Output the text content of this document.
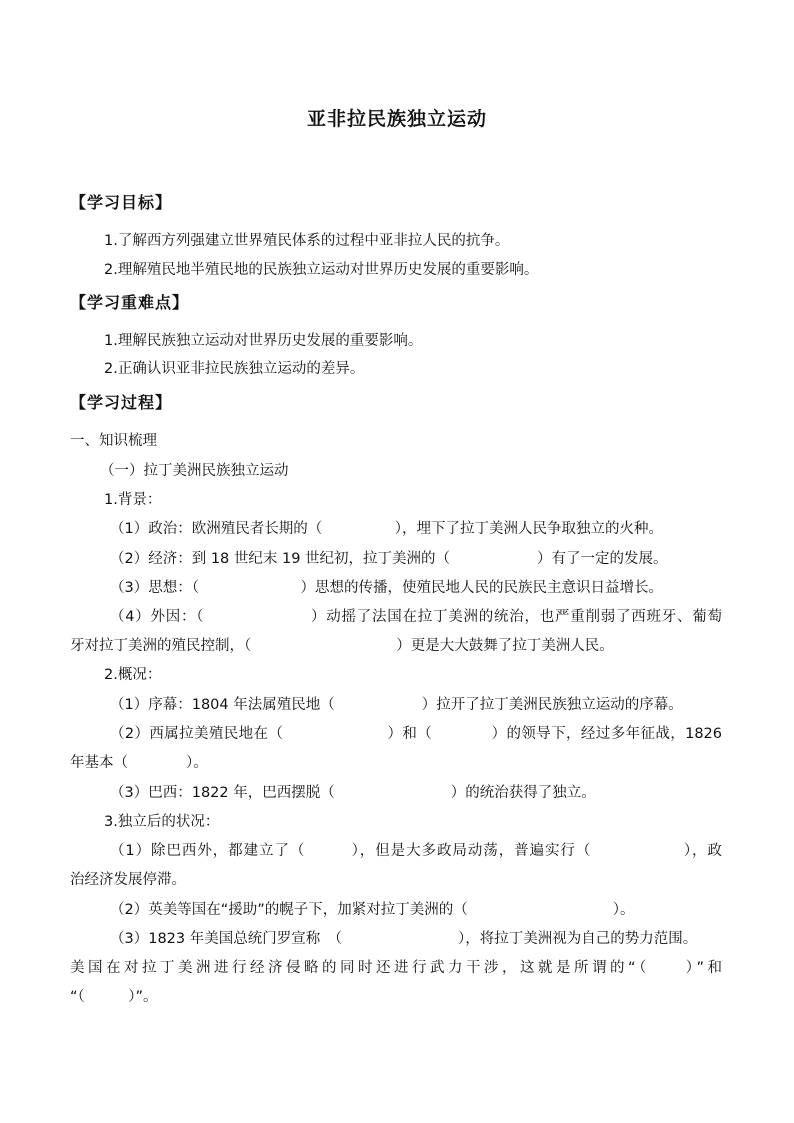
亚非拉民族独立运动
【学习目标】
1.了解西方列强建立世界殖民体系的过程中亚非拉人民的抗争。
2.理解殖民地半殖民地的民族独立运动对世界历史发展的重要影响。
【学习重难点】
1.理解民族独立运动对世界历史发展的重要影响。
2.正确认识亚非拉民族独立运动的差异。
【学习过程】
一、知识梳理
（一）拉丁美洲民族独立运动
1.背景：
（1）政治：欧洲殖民者长期的（　　　　　），埋下了拉丁美洲人民争取独立的火种。
（2）经济：到 18 世纪末 19 世纪初，拉丁美洲的（　　　　　　）有了一定的发展。
（3）思想：（　　　　　　　）思想的传播，使殖民地人民的民族民主意识日益增长。
（4）外因：（　　　　　　　）动摇了法国在拉丁美洲的统治，也严重削弱了西班牙、葡萄
牙对拉丁美洲的殖民控制，（　　　　　　　　　　）更是大大鼓舞了拉丁美洲人民。
2.概况：
（1）序幕：1804 年法属殖民地（　　　　　　）拉开了拉丁美洲民族独立运动的序幕。
（2）西属拉美殖民地在（　　　　　　　）和（　　　　）的领导下，经过多年征战，1826
年基本（　　　　）。
（3）巴西：1822 年，巴西摆脱（　　　　　　　　）的统治获得了独立。
3.独立后的状况：
（1）除巴西外，都建立了（　　　），但是大多政局动荡，普遍实行（　　　　　　），政
治经济发展停滞。
（2）英美等国在“援助”的幌子下，加紧对拉丁美洲的（　　　　　　　　　　）。
（3）1823 年美国总统门罗宣称　（　　　　　　　　），将拉丁美洲视为自己的势力范围。
美国在对拉丁美洲进行经济侵略的同时还进行武力干涉，这就是所谓的“（　　）”和
“（　　　）”。
